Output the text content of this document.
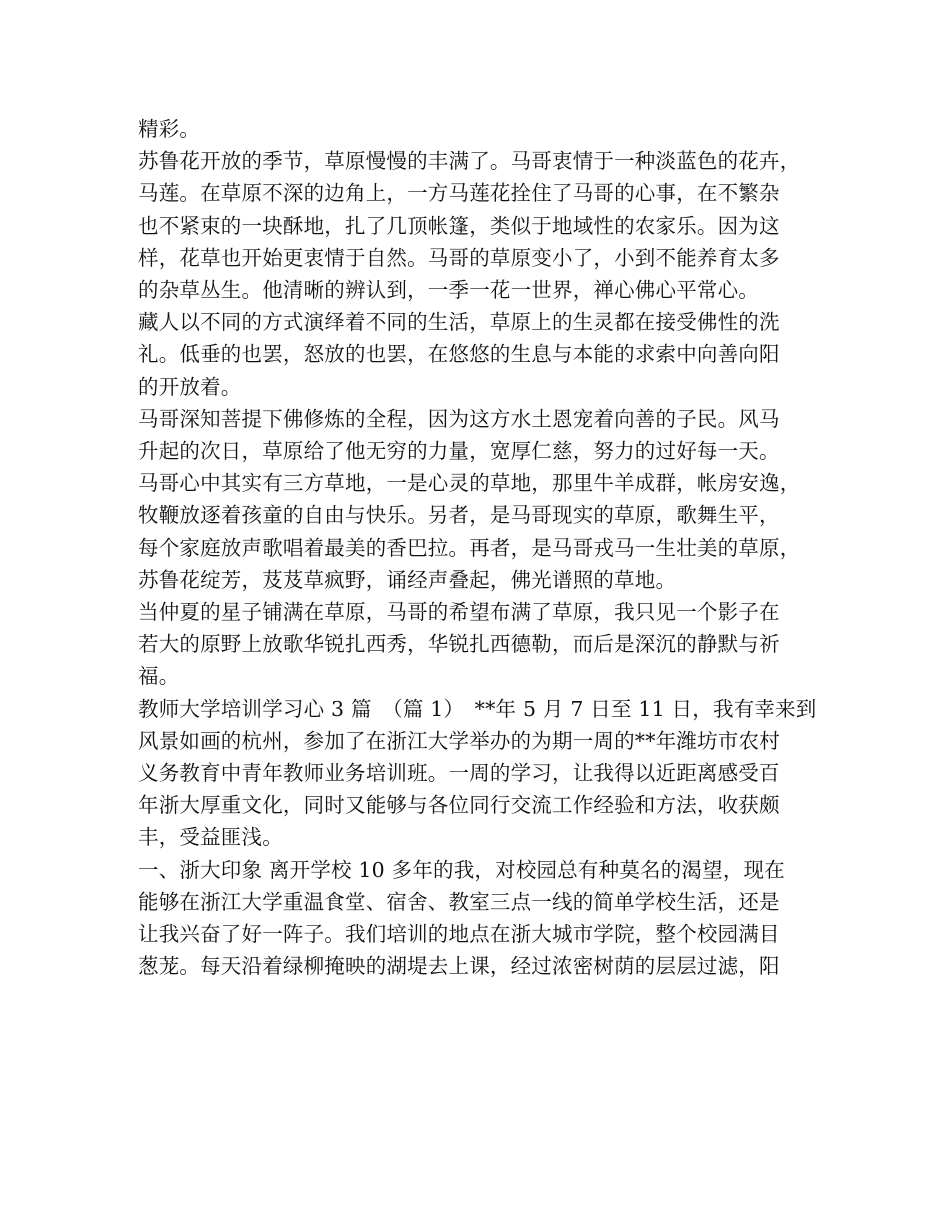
精彩。
苏鲁花开放的季节，草原慢慢的丰满了。马哥衷情于一种淡蓝色的花卉，
马莲。在草原不深的边角上，一方马莲花拴住了马哥的心事，在不繁杂
也不紧束的一块酥地，扎了几顶帐篷，类似于地域性的农家乐。因为这
样，花草也开始更衷情于自然。马哥的草原变小了，小到不能养育太多
的杂草丛生。他清晰的辨认到，一季一花一世界，禅心佛心平常心。
藏人以不同的方式演绎着不同的生活，草原上的生灵都在接受佛性的洗
礼。低垂的也罢，怒放的也罢，在悠悠的生息与本能的求索中向善向阳
的开放着。
马哥深知菩提下佛修炼的全程，因为这方水土恩宠着向善的子民。风马
升起的次日，草原给了他无穷的力量，宽厚仁慈，努力的过好每一天。
马哥心中其实有三方草地，一是心灵的草地，那里牛羊成群，帐房安逸，
牧鞭放逐着孩童的自由与快乐。另者，是马哥现实的草原，歌舞生平，
每个家庭放声歌唱着最美的香巴拉。再者，是马哥戎马一生壮美的草原，
苏鲁花绽芳，芨芨草疯野，诵经声叠起，佛光谱照的草地。
当仲夏的星子铺满在草原，马哥的希望布满了草原，我只见一个影子在
若大的原野上放歌华锐扎西秀，华锐扎西德勒，而后是深沉的静默与祈
福。
教师大学培训学习心 3 篇　（篇 1）　**年 5 月 7 日至 11 日，我有幸来到
风景如画的杭州，参加了在浙江大学举办的为期一周的**年潍坊市农村
义务教育中青年教师业务培训班。一周的学习，让我得以近距离感受百
年浙大厚重文化，同时又能够与各位同行交流工作经验和方法，收获颇
丰，受益匪浅。
一、浙大印象 离开学校 10 多年的我，对校园总有种莫名的渴望，现在
能够在浙江大学重温食堂、宿舍、教室三点一线的简单学校生活，还是
让我兴奋了好一阵子。我们培训的地点在浙大城市学院，整个校园满目
葱茏。每天沿着绿柳掩映的湖堤去上课，经过浓密树荫的层层过滤，阳
